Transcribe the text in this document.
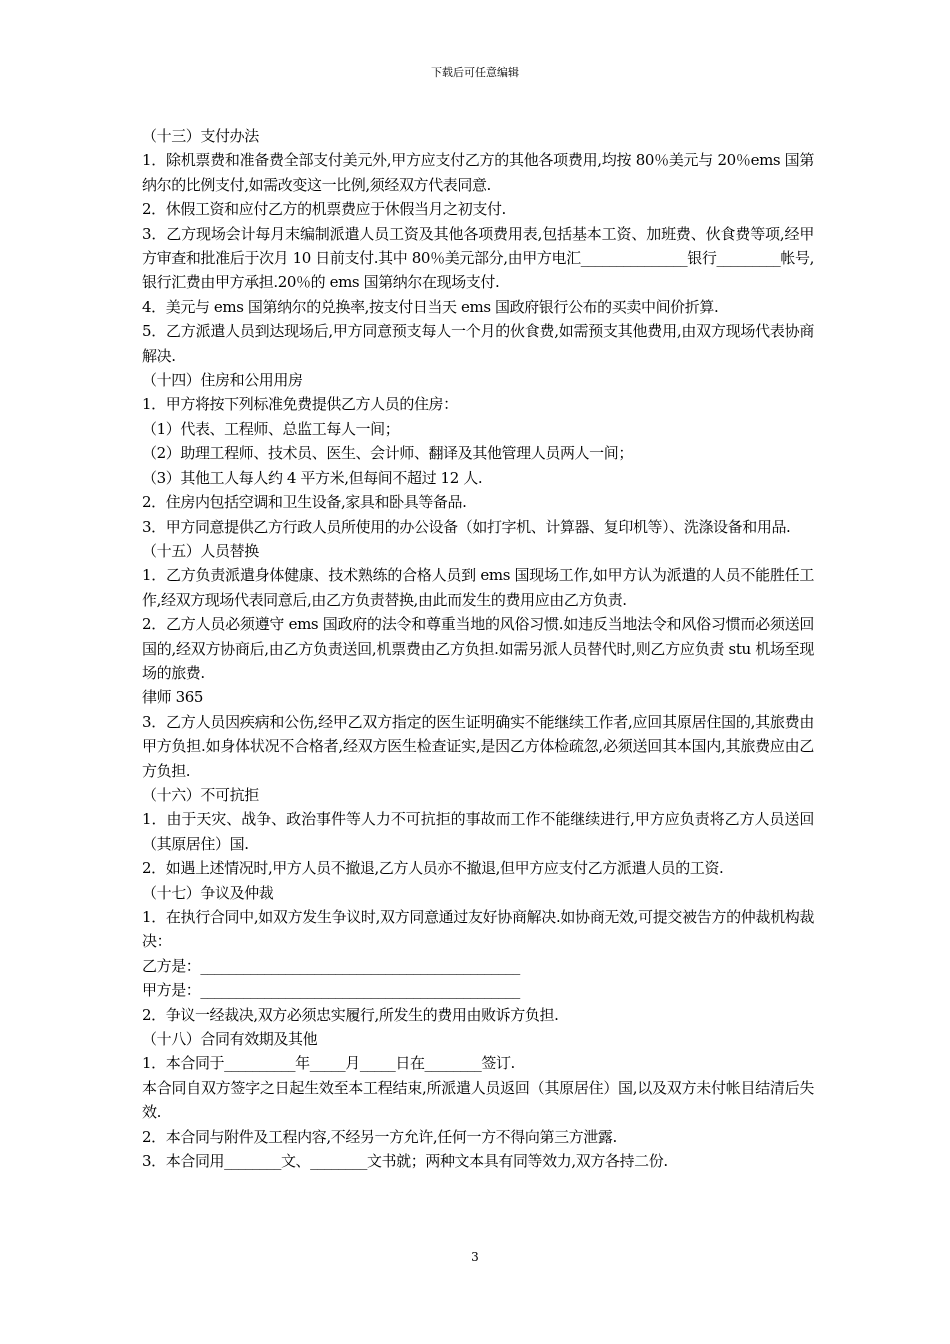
下载后可任意编辑

（十三）支付办法

1．除机票费和准备费全部支付美元外,甲方应支付乙方的其他各项费用,均按 80％美元与 20％ems 国第纳尔的比例支付,如需改变这一比例,须经双方代表同意.

2．休假工资和应付乙方的机票费应于休假当月之初支付.

3．乙方现场会计每月末编制派遣人员工资及其他各项费用表,包括基本工资、加班费、伙食费等项,经甲方审查和批准后于次月 10 日前支付.其中 80％美元部分,由甲方电汇_______________银行_________帐号,银行汇费由甲方承担.20％的 ems 国第纳尔在现场支付.

4．美元与 ems 国第纳尔的兑换率,按支付日当天 ems 国政府银行公布的买卖中间价折算.

5．乙方派遣人员到达现场后,甲方同意预支每人一个月的伙食费,如需预支其他费用,由双方现场代表协商解决.

（十四）住房和公用用房

1．甲方将按下列标准免费提供乙方人员的住房：

（1）代表、工程师、总监工每人一间；

（2）助理工程师、技术员、医生、会计师、翻译及其他管理人员两人一间；

（3）其他工人每人约 4 平方米,但每间不超过 12 人.

2．住房内包括空调和卫生设备,家具和卧具等备品.

3．甲方同意提供乙方行政人员所使用的办公设备（如打字机、计算器、复印机等）、洗涤设备和用品.

（十五）人员替换

1．乙方负责派遣身体健康、技术熟练的合格人员到 ems 国现场工作,如甲方认为派遣的人员不能胜任工作,经双方现场代表同意后,由乙方负责替换,由此而发生的费用应由乙方负责.

2．乙方人员必须遵守 ems 国政府的法令和尊重当地的风俗习惯.如违反当地法令和风俗习惯而必须送回国的,经双方协商后,由乙方负责送回,机票费由乙方负担.如需另派人员替代时,则乙方应负责 stu 机场至现场的旅费.

律师 365

3．乙方人员因疾病和公伤,经甲乙双方指定的医生证明确实不能继续工作者,应回其原居住国的,其旅费由甲方负担.如身体状况不合格者,经双方医生检查证实,是因乙方体检疏忽,必须送回其本国内,其旅费应由乙方负担.

（十六）不可抗拒

1．由于天灾、战争、政治事件等人力不可抗拒的事故而工作不能继续进行,甲方应负责将乙方人员送回（其原居住）国.

2．如遇上述情况时,甲方人员不撤退,乙方人员亦不撤退,但甲方应支付乙方派遣人员的工资.

（十七）争议及仲裁

1．在执行合同中,如双方发生争议时,双方同意通过友好协商解决.如协商无效,可提交被告方的仲裁机构裁决：

乙方是：_____________________________________________

甲方是：_____________________________________________

2．争议一经裁决,双方必须忠实履行,所发生的费用由败诉方负担.

（十八）合同有效期及其他

1．本合同于__________年_____月_____日在________签订.

本合同自双方签字之日起生效至本工程结束,所派遣人员返回（其原居住）国,以及双方未付帐目结清后失效.

2．本合同与附件及工程内容,不经另一方允许,任何一方不得向第三方泄露.

3．本合同用________文、________文书就；两种文本具有同等效力,双方各持二份.

3
